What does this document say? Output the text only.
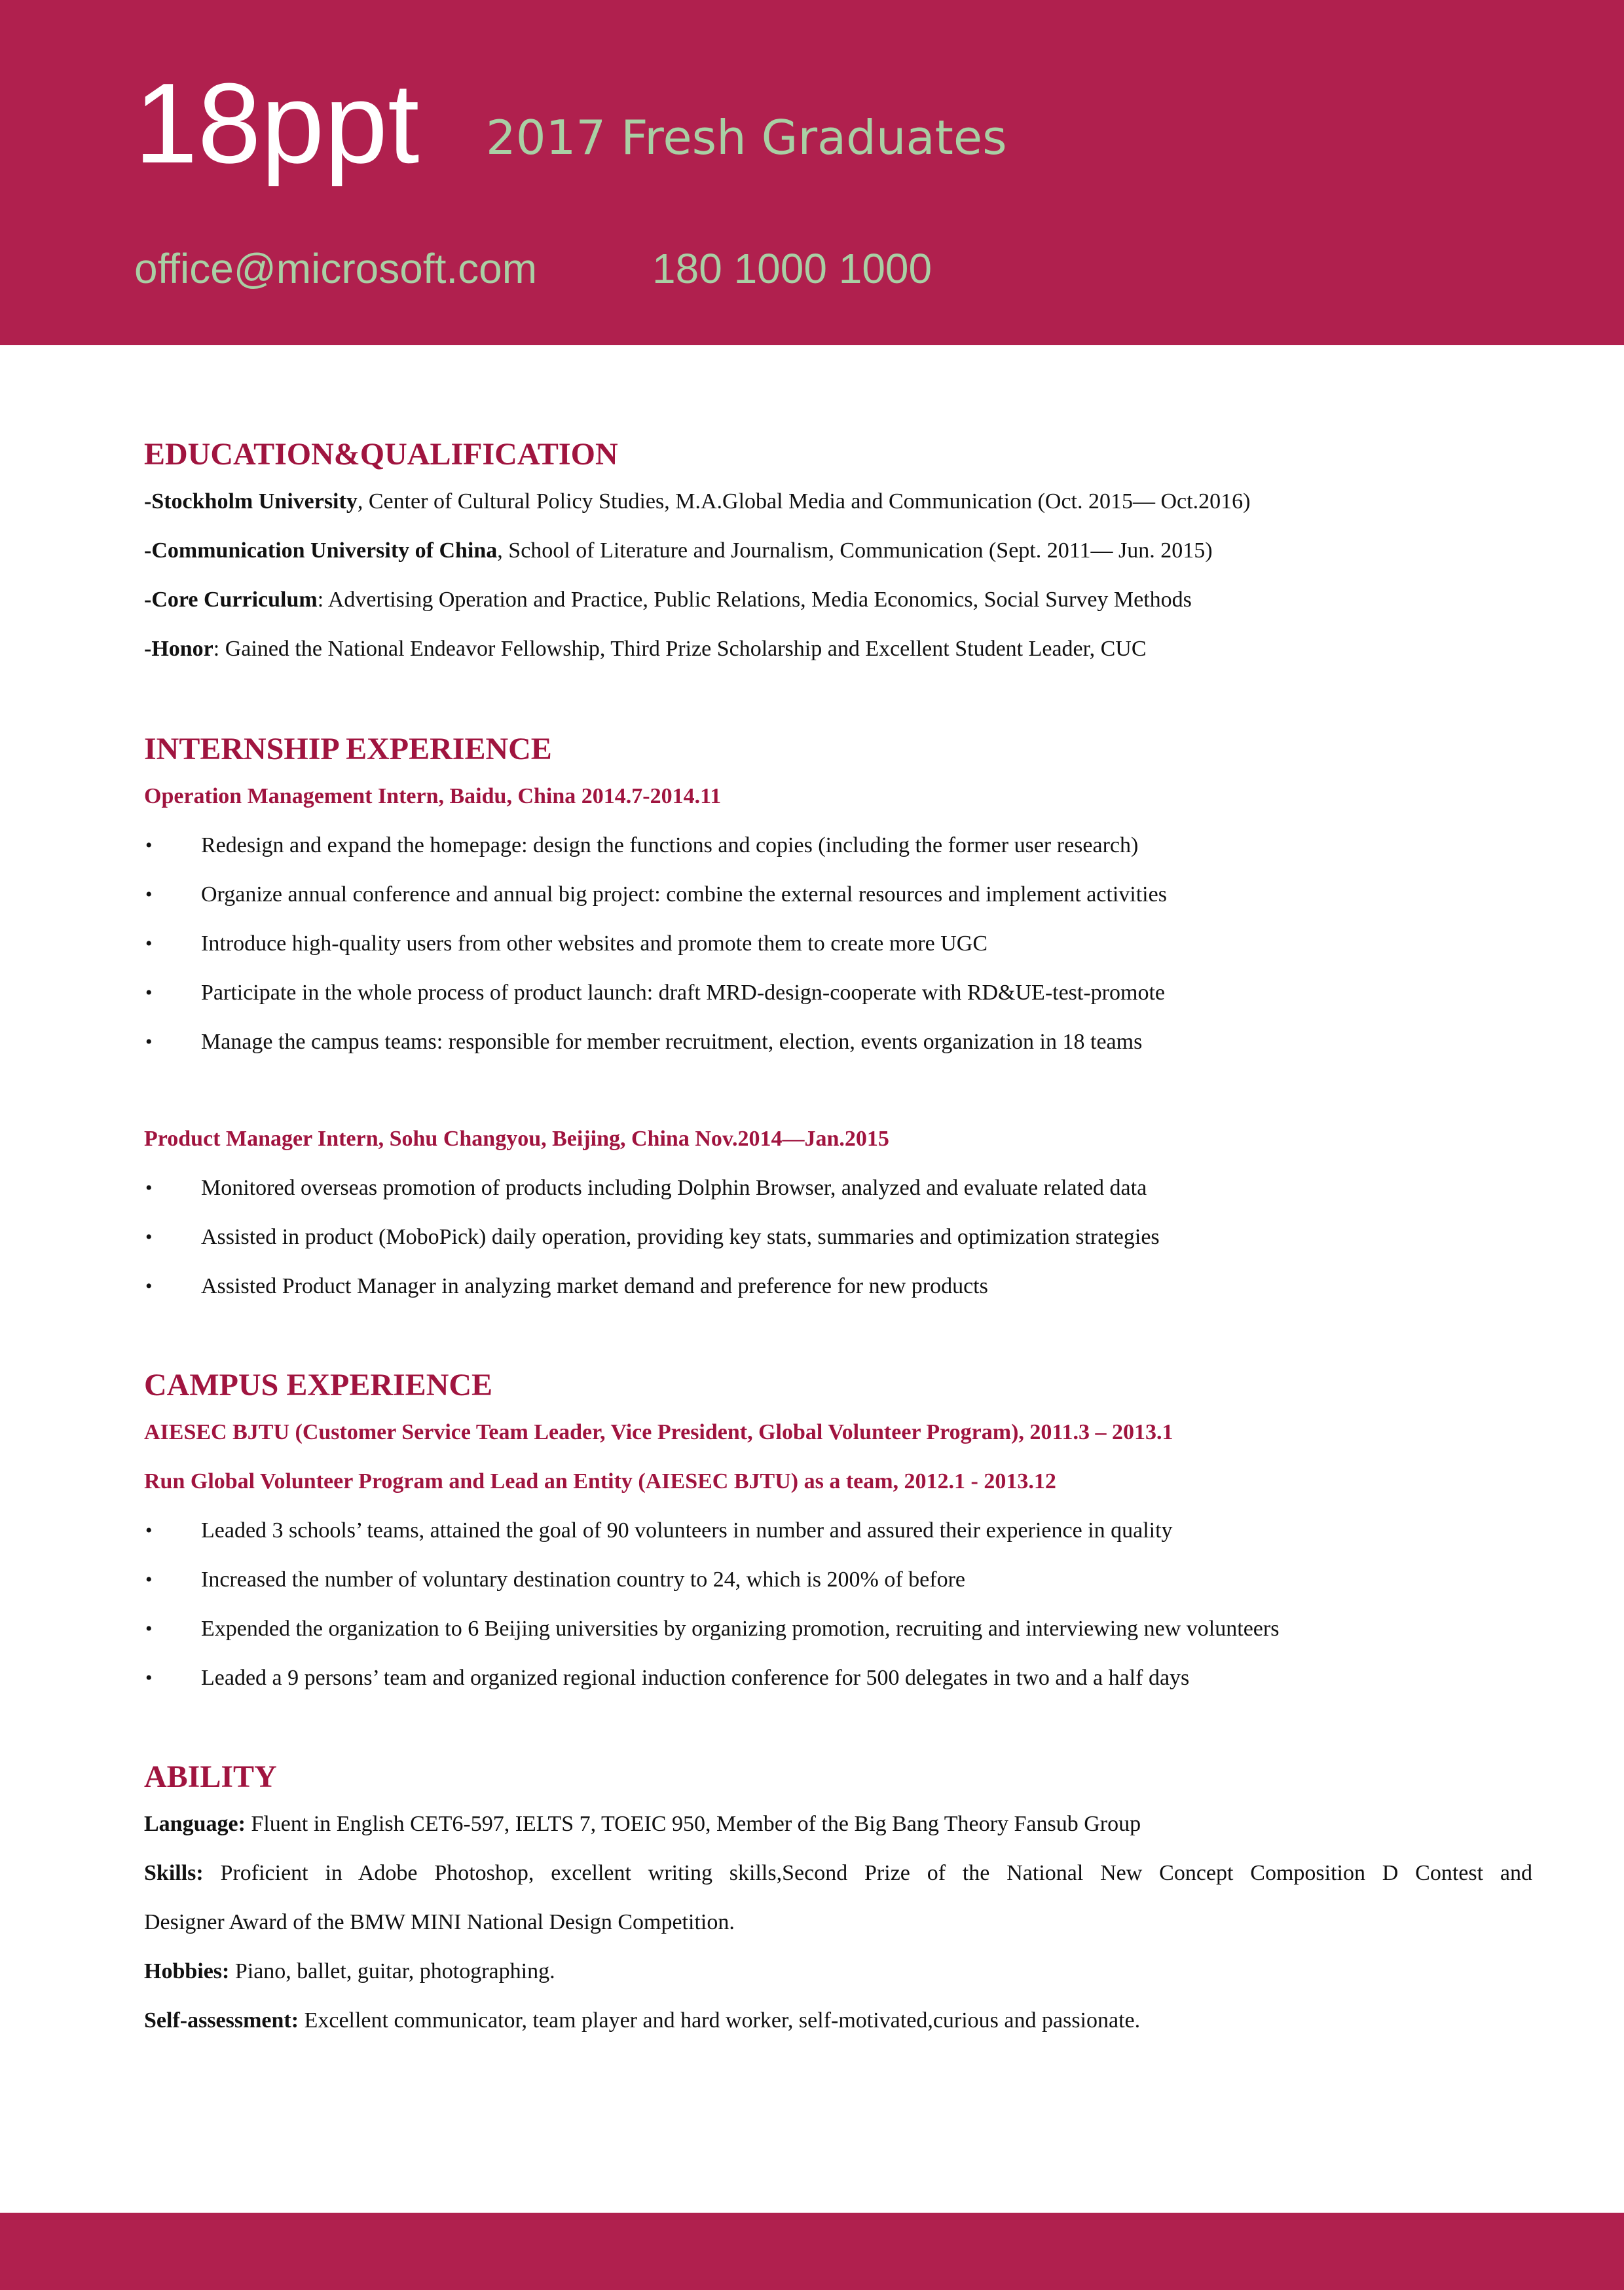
18ppt 2017 Fresh Graduates
office@microsoft.com	180 1000 1000

EDUCATION&QUALIFICATION

-Stockholm University, Center of Cultural Policy Studies, M.A.Global Media and Communication (Oct. 2015— Oct.2016)

-Communication University of China, School of Literature and Journalism, Communication (Sept. 2011— Jun. 2015)

-Core Curriculum: Advertising Operation and Practice, Public Relations, Media Economics, Social Survey Methods

-Honor: Gained the National Endeavor Fellowship, Third Prize Scholarship and Excellent Student Leader, CUC

INTERNSHIP EXPERIENCE

Operation Management Intern, Baidu, China 2014.7-2014.11

• Redesign and expand the homepage: design the functions and copies (including the former user research)

• Organize annual conference and annual big project: combine the external resources and implement activities

• Introduce high-quality users from other websites and promote them to create more UGC

• Participate in the whole process of product launch: draft MRD-design-cooperate with RD&UE-test-promote

• Manage the campus teams: responsible for member recruitment, election, events organization in 18 teams

Product Manager Intern, Sohu Changyou, Beijing, China Nov.2014—Jan.2015

• Monitored overseas promotion of products including Dolphin Browser, analyzed and evaluate related data

• Assisted in product (MoboPick) daily operation, providing key stats, summaries and optimization strategies

• Assisted Product Manager in analyzing market demand and preference for new products

CAMPUS EXPERIENCE

AIESEC BJTU (Customer Service Team Leader, Vice President, Global Volunteer Program), 2011.3 – 2013.1

Run Global Volunteer Program and Lead an Entity (AIESEC BJTU) as a team, 2012.1 - 2013.12

• Leaded 3 schools’ teams, attained the goal of 90 volunteers in number and assured their experience in quality

• Increased the number of voluntary destination country to 24, which is 200% of before

• Expended the organization to 6 Beijing universities by organizing promotion, recruiting and interviewing new volunteers

• Leaded a 9 persons’ team and organized regional induction conference for 500 delegates in two and a half days

ABILITY

Language: Fluent in English CET6-597, IELTS 7, TOEIC 950, Member of the Big Bang Theory Fansub Group

Skills: Proficient in Adobe Photoshop, excellent writing skills,Second Prize of the National New Concept Composition D Contest and

Designer Award of the BMW MINI National Design Competition.

Hobbies: Piano, ballet, guitar, photographing.

Self-assessment: Excellent communicator, team player and hard worker, self-motivated,curious and passionate.
